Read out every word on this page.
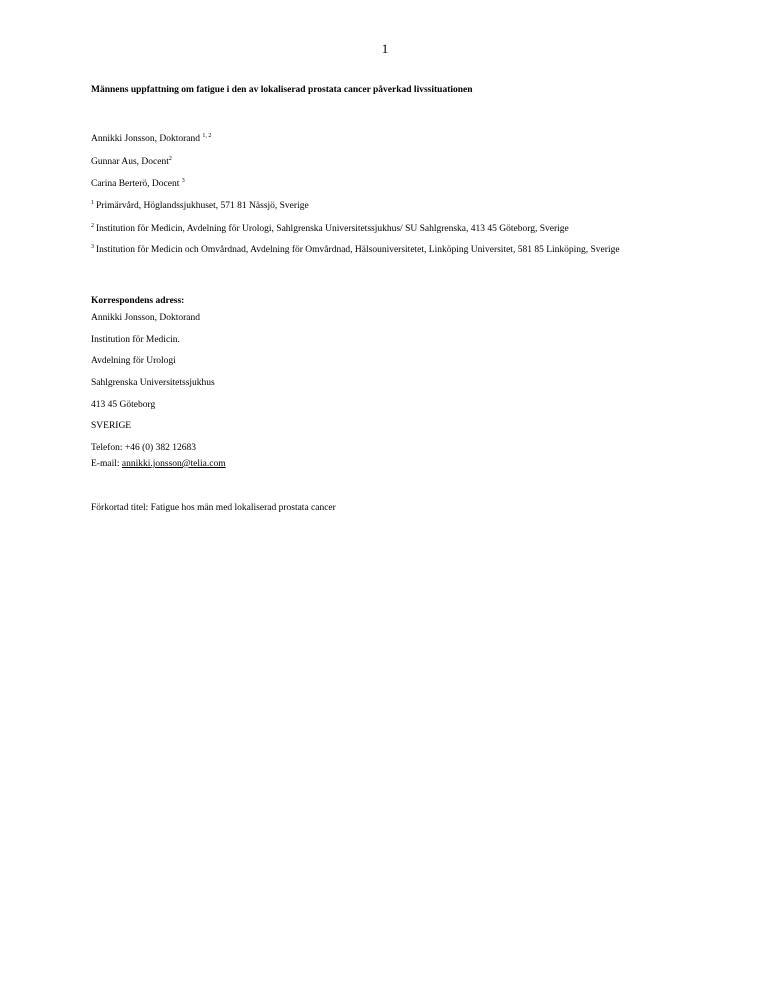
1
Männens uppfattning om fatigue i den av lokaliserad prostata cancer påverkad livssituationen
Annikki Jonsson, Doktorand $^{1, 2}$
Gunnar Aus, Docent$^2$
Carina Berterö, Docent $^3$
$^1$ Primärvård, Höglandssjukhuset, 571 81 Nässjö, Sverige
$^2$ Institution för Medicin, Avdelning för Urologi, Sahlgrenska Universitetssjukhus/ SU Sahlgrenska, 413 45 Göteborg, Sverige
$^3$ Institution för Medicin och Omvårdnad, Avdelning för Omvårdnad, Hälsouniversitetet, Linköping Universitet, 581 85 Linköping, Sverige
Korrespondens adress:
Annikki Jonsson, Doktorand
Institution för Medicin.
Avdelning för Urologi
Sahlgrenska Universitetssjukhus
413 45 Göteborg
SVERIGE
Telefon: +46 (0) 382 12683
E-mail: annikki.jonsson@telia.com
Förkortad titel: Fatigue hos män med lokaliserad prostata cancer
